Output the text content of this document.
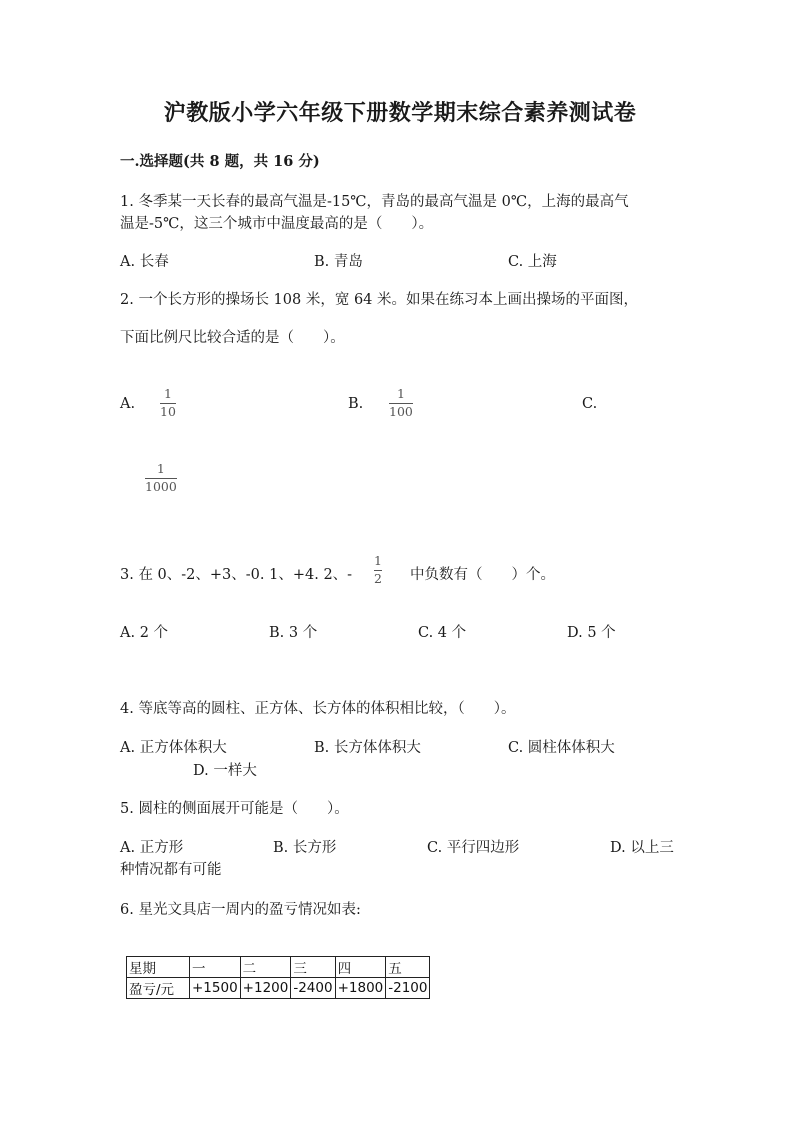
沪教版小学六年级下册数学期末综合素养测试卷
一.选择题(共 8 题，共 16 分)
1. 冬季某一天长春的最高气温是-15℃，青岛的最高气温是 0℃，上海的最高气
温是-5℃，这三个城市中温度最高的是（　　）。
A. 长春	B. 青岛	C. 上海
2. 一个长方形的操场长 108 米，宽 64 米。如果在练习本上画出操场的平面图，
下面比例尺比较合适的是（　　）。
A.
1
10	B.
1
100	C.
1
1000
3. 在 0、-2、+3、-0. 1、+4. 2、-
1
2 中负数有（　　）个。
A. 2 个	B. 3 个	C. 4 个	D. 5 个
4. 等底等高的圆柱、正方体、长方体的体积相比较，（　　）。
A. 正方体体积大	B. 长方体体积大	C. 圆柱体体积大
D. 一样大
5. 圆柱的侧面展开可能是（　　）。
A. 正方形	B. 长方形	C. 平行四边形	D. 以上三
种情况都有可能
6. 星光文具店一周内的盈亏情况如表:
星期	一	二	三	四	五
盈亏/元	+1500	+1200	-2400	+1800	-2100
